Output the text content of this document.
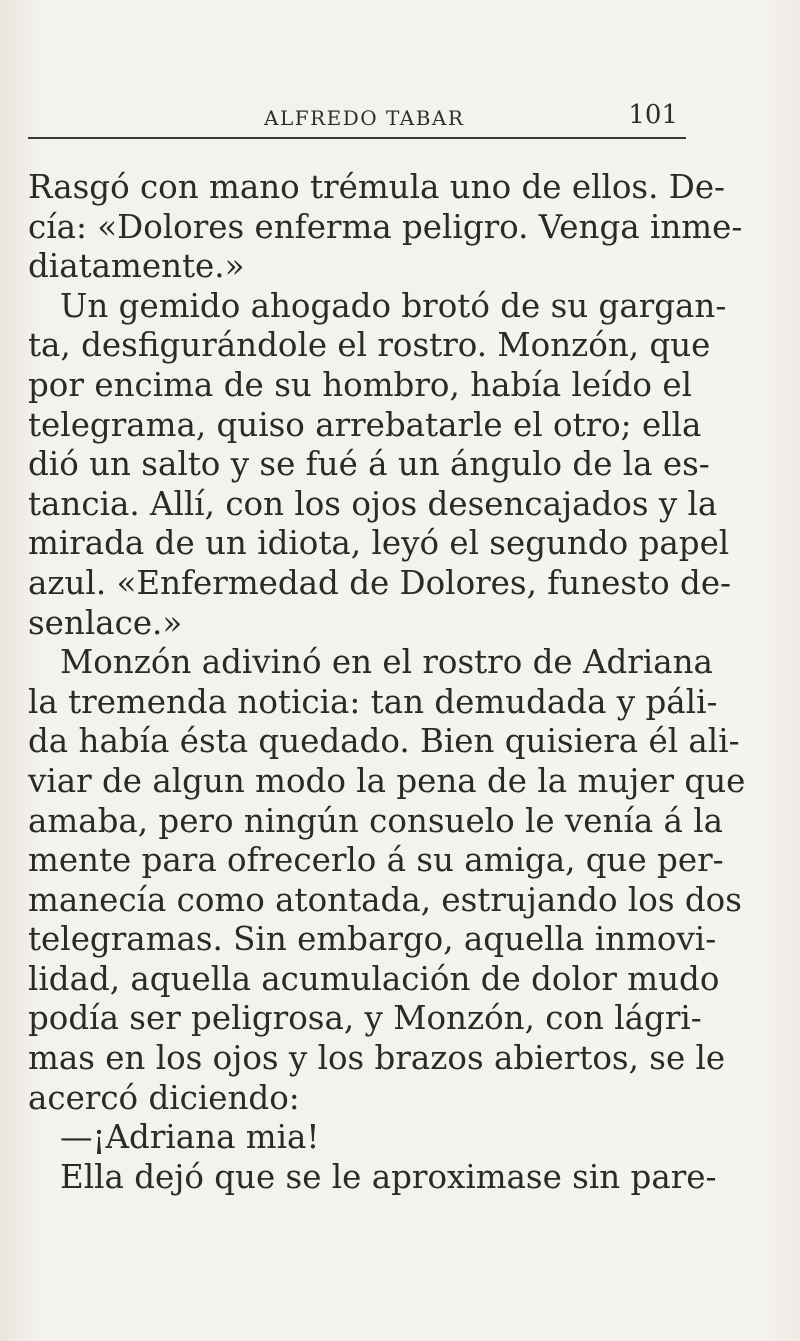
ALFREDO TABAR	101
Rasgó con mano trémula uno de ellos. De-
cía: «Dolores enferma peligro. Venga inme-
diatamente.»
Un gemido ahogado brotó de su gargan-
ta, desfigurándole el rostro. Monzón, que
por encima de su hombro, había leído el
telegrama, quiso arrebatarle el otro; ella
dió un salto y se fué á un ángulo de la es-
tancia. Allí, con los ojos desencajados y la
mirada de un idiota, leyó el segundo papel
azul. «Enfermedad de Dolores, funesto de-
senlace.»
Monzón adivinó en el rostro de Adriana
la tremenda noticia: tan demudada y páli-
da había ésta quedado. Bien quisiera él ali-
viar de algun modo la pena de la mujer que
amaba, pero ningún consuelo le venía á la
mente para ofrecerlo á su amiga, que per-
manecía como atontada, estrujando los dos
telegramas. Sin embargo, aquella inmovi-
lidad, aquella acumulación de dolor mudo
podía ser peligrosa, y Monzón, con lágri-
mas en los ojos y los brazos abiertos, se le
acercó diciendo:
—¡Adriana mia!
Ella dejó que se le aproximase sin pare-
